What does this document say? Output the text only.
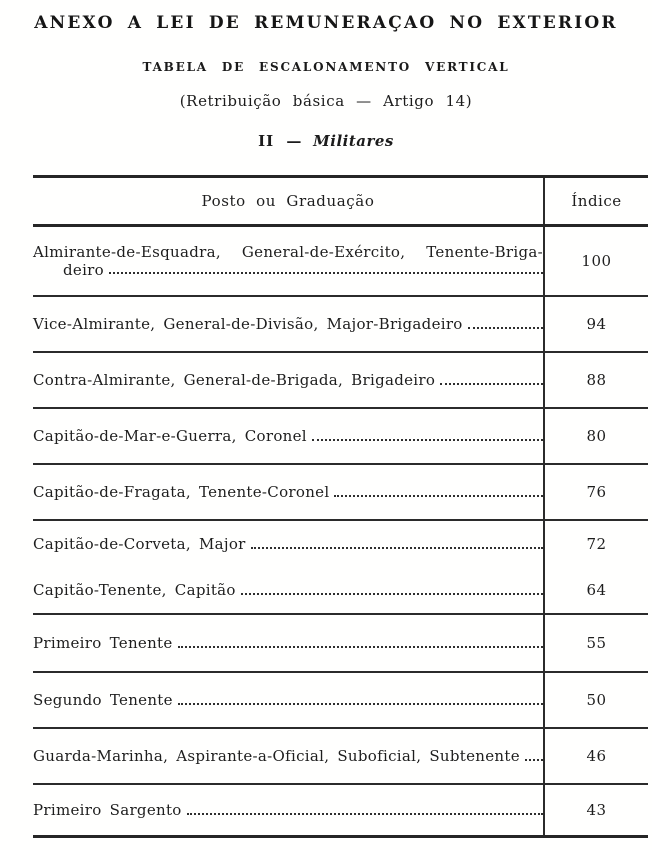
ANEXO A LEI DE REMUNERAÇAO NO EXTERIOR
TABELA DE ESCALONAMENTO VERTICAL
(Retribuição básica — Artigo 14)
II — Militares
Posto ou Graduação	Índice
Almirante-de-Esquadra, General-de-Exército, Tenente-Briga-
deiro	100
Vice-Almirante, General-de-Divisão, Major-Brigadeiro	94
Contra-Almirante, General-de-Brigada, Brigadeiro	88
Capitão-de-Mar-e-Guerra, Coronel	80
Capitão-de-Fragata, Tenente-Coronel	76
Capitão-de-Corveta, Major	72
Capitão-Tenente, Capitão	64
Primeiro Tenente	55
Segundo Tenente	50
Guarda-Marinha, Aspirante-a-Oficial, Suboficial, Subtenente	46
Primeiro Sargento	43
